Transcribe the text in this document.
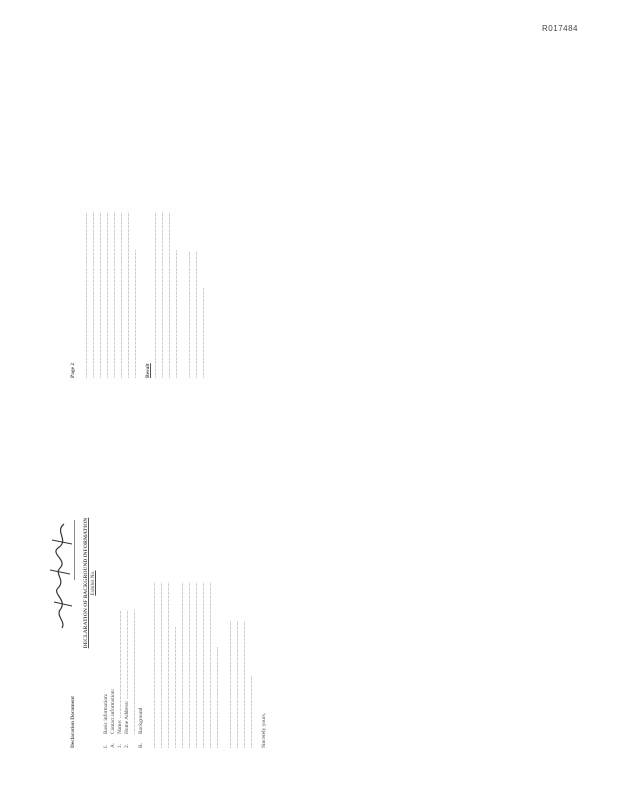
R017484
Declaration Document
DECLARATION OF BACKGROUND INFORMATION Exhibit No.
I.Basic information:
A.Contact information:
1.Name: ................................................................................
2.Home Address: .................................................................. ............................................................................................
B.Background ........................................................................................................................... ........................................................................................................................... ........................................................................................................................... .......................................................................................... ........................................................................................................................... ........................................................................................................................... ........................................................................................................................... ........................................................................................................................... ........................................................................................................................... ........................................................................... .............................................................................................. .............................................................................................. .............................................................................................. ...................................................... Sincerely yours,
Page 2 ........................................................................................................................... ........................................................................................................................... ........................................................................................................................... ........................................................................................................................... ........................................................................................................................... ........................................................................................................................... ........................................................................................................................... ............................................................................................... Result ........................................................................................................................... ........................................................................................................................... ........................................................................................................................... ............................................................................................... .............................................................................................. .............................................................................................. ...................................................................
